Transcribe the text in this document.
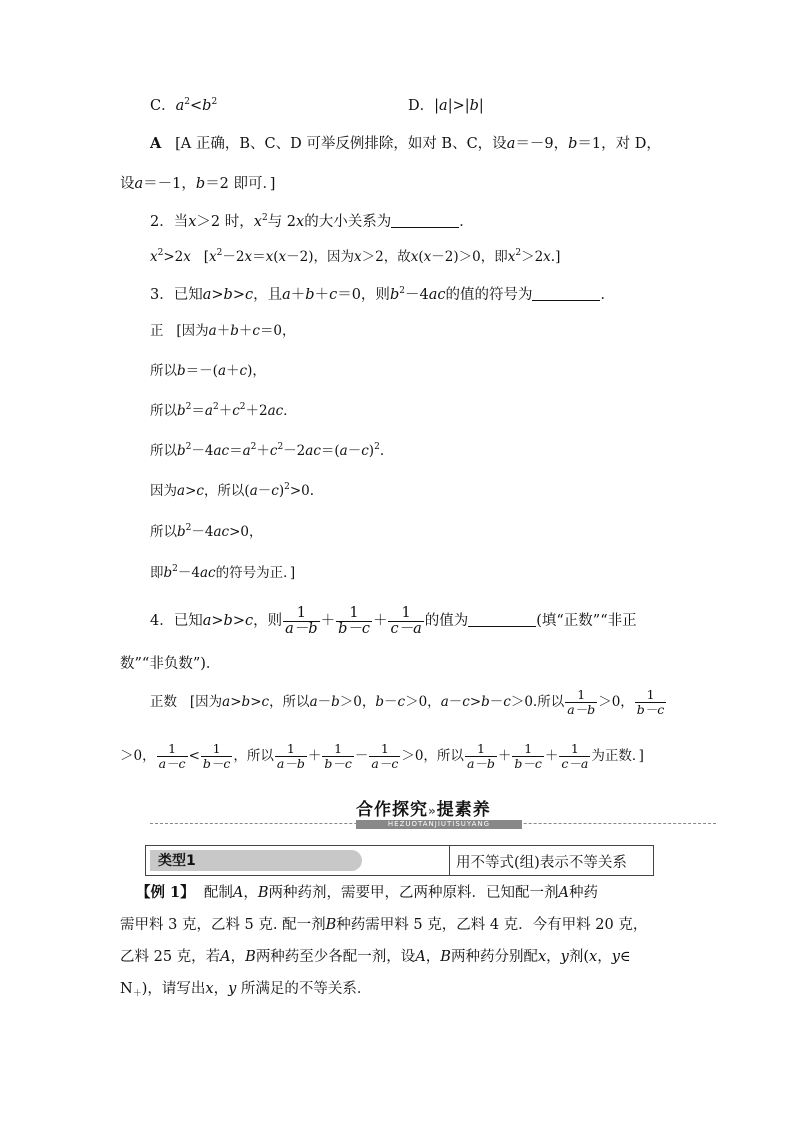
C．$a^2<b^2$	D．|a|>|b|
A [A 正确，B、C、D 可举反例排除，如对 B、C，设a＝－9，b＝1，对 D，
设a＝－1，b＝2 即可．]
2．当x＞2 时，$x^2$与 2x的大小关系为	．
$x^2>2x$ [$x^2-2x=x(x-2)$，因为x＞2，故x(x－2)＞0，即$x^2>2x$.]
3．已知a>b>c，且a＋b＋c＝0，则$b^2-4ac$的值的符号为	．
正 [因为a＋b＋c＝0，
所以b＝－(a＋c)，
所以$b^2=a^2+c^2+2ac$．
所以$b^2-4ac=a^2+c^2-2ac=(a-c)^2$.
因为a>c，所以$(a-c)^2>0$.
所以$b^2-4ac>0$，
即$b^2-4ac$的符号为正．]
4．已知a>b>c，则 $\frac{1}{a-b} + \frac{1}{b-c} + \frac{1}{c-a}$ 的值为	(填“正数”“非正
数”“非负数”)．
正数 [因为a>b>c，所以a－b＞0，b－c＞0，a－c>b－c＞0.所以 $\frac{1}{a-b} >0$， $\frac{1}{b-c}$
＞0， $\frac{1}{a-c} < \frac{1}{b-c}$ ，所以 $\frac{1}{a-b} + \frac{1}{b-c} - \frac{1}{a-c} >0$，所以 $\frac{1}{a-b} + \frac{1}{b-c} + \frac{1}{c-a}$ 为正数．]
合作探究»提素养
HEZUOTANJIUTISUYANG
类型1	用不等式(组)表示不等关系
【例 1】 配制A，B两种药剂，需要甲，乙两种原料．已知配一剂A种药
需甲料 3 克，乙料 5 克. 配一剂B种药需甲料 5 克，乙料 4 克．今有甲料 20 克，
乙料 25 克，若A，B两种药至少各配一剂，设A，B两种药分别配x，y剂(x，y∈
$N_+$)，请写出x，y 所满足的不等关系．
